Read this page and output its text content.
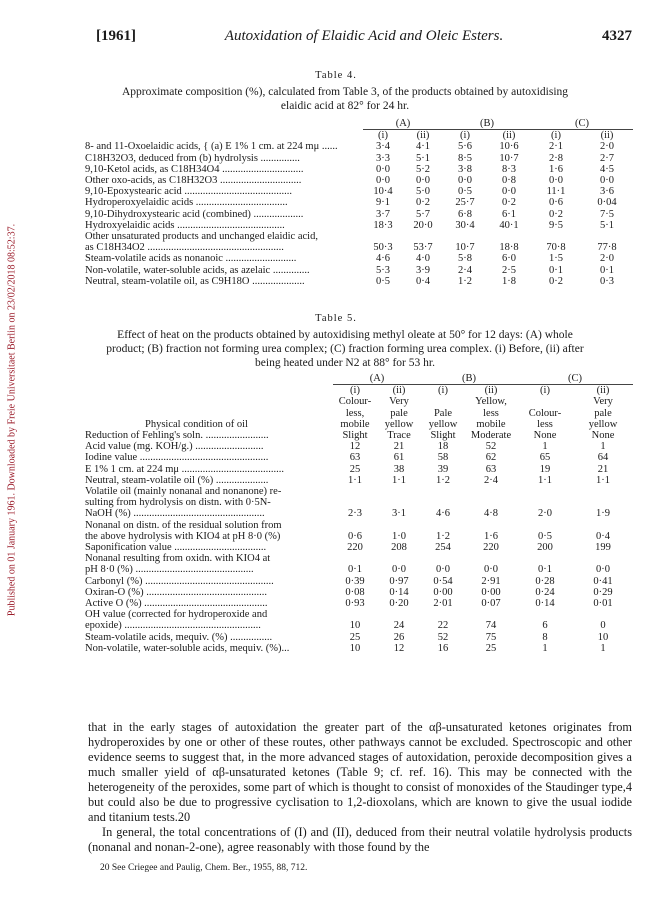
Published on 01 January 1961. Downloaded by Freie Universitaet Berlin on 23/02/2018 08:52:37.
[1961]	Autoxidation of Elaidic Acid and Oleic Esters.	4327
Table 4.
Approximate composition (%), calculated from Table 3, of the products obtained by autoxidising elaidic acid at 82° for 24 hr.
	(A)		(B)		(C)	
	(i)	(ii)	(i)	(ii)	(i)	(ii)
8- and 11-Oxoelaidic acids, { (a) E 1% 1 cm. at 224 mμ ......	3·4	4·1	5·6	10·6	2·1	2·0
C18H32O3, deduced from (b) hydrolysis ...............	3·3	5·1	8·5	10·7	2·8	2·7
9,10-Ketol acids, as C18H34O4 ...............................	0·0	5·2	3·8	8·3	1·6	4·5
Other oxo-acids, as C18H32O3 ...............................	0·0	0·0	0·0	0·8	0·0	0·0
9,10-Epoxystearic acid .........................................	10·4	5·0	0·5	0·0	11·1	3·6
Hydroperoxyelaidic acids ...................................	9·1	0·2	25·7	0·2	0·6	0·04
9,10-Dihydroxystearic acid (combined) ...................	3·7	5·7	6·8	6·1	0·2	7·5
Hydroxyelaidic acids .........................................	18·3	20·0	30·4	40·1	9·5	5·1
Other unsaturated products and unchanged elaidic acid,						
as C18H34O2 ....................................................	50·3	53·7	10·7	18·8	70·8	77·8
Steam-volatile acids as nonanoic ...........................	4·6	4·0	5·8	6·0	1·5	2·0
Non-volatile, water-soluble acids, as azelaic ..............	5·3	3·9	2·4	2·5	0·1	0·1
Neutral, steam-volatile oil, as C9H18O ....................	0·5	0·4	1·2	1·8	0·2	0·3
Table 5.
Effect of heat on the products obtained by autoxidising methyl oleate at 50° for 12 days: (A) whole product; (B) fraction not forming urea complex; (C) fraction forming urea complex. (i) Before, (ii) after being heated under N2 at 88° for 53 hr.
	(A)		(B)		(C)	
	(i)	(ii)	(i)	(ii)	(i)	(ii)
	Colour-	Very		Yellow,		Very
	less,	pale	Pale	less	Colour-	pale
Physical condition of oil	mobile	yellow	yellow	mobile	less	yellow
Reduction of Fehling's soln. ........................	Slight	Trace	Slight	Moderate	None	None
Acid value (mg. KOH/g.) ..........................	12	21	18	52	1	1
Iodine value .................................................	63	61	58	62	65	64
E 1% 1 cm. at 224 mμ .......................................	25	38	39	63	19	21
Neutral, steam-volatile oil (%) ....................	1·1	1·1	1·2	2·4	1·1	1·1
Volatile oil (mainly nonanal and nonanone) re-						
sulting from hydrolysis on distn. with 0·5N-						
NaOH (%) ..................................................	2·3	3·1	4·6	4·8	2·0	1·9
Nonanal on distn. of the residual solution from						
the above hydrolysis with KIO4 at pH 8·0 (%)	0·6	1·0	1·2	1·6	0·5	0·4
Saponification value ...................................	220	208	254	220	200	199
Nonanal resulting from oxidn. with KIO4 at						
pH 8·0 (%) .............................................	0·1	0·0	0·0	0·0	0·1	0·0
Carbonyl (%) .................................................	0·39	0·97	0·54	2·91	0·28	0·41
Oxiran-O (%) ..............................................	0·08	0·14	0·00	0·00	0·24	0·29
Active O (%) ...............................................	0·93	0·20	2·01	0·07	0·14	0·01
OH value (corrected for hydroperoxide and						
epoxide) ....................................................	10	24	22	74	6	0
Steam-volatile acids, mequiv. (%) ................	25	26	52	75	8	10
Non-volatile, water-soluble acids, mequiv. (%)...	10	12	16	25	1	1

that in the early stages of autoxidation the greater part of the αβ-unsaturated ketones originates from hydroperoxides by one or other of these routes, other pathways cannot be excluded. Spectroscopic and other evidence seems to suggest that, in the more advanced stages of autoxidation, peroxide decomposition gives a much smaller yield of αβ-unsaturated ketones (Table 9; cf. ref. 16). This may be connected with the heterogeneity of the peroxides, some part of which is thought to consist of monoxides of the Staudinger type,4 but could also be due to progressive cyclisation to 1,2-dioxolans, which are known to give the usual iodide and titanium tests.20

In general, the total concentrations of (I) and (II), deduced from their neutral volatile hydrolysis products (nonanal and nonan-2-one), agree reasonably with those found by the

20 See Criegee and Paulig, Chem. Ber., 1955, 88, 712.
